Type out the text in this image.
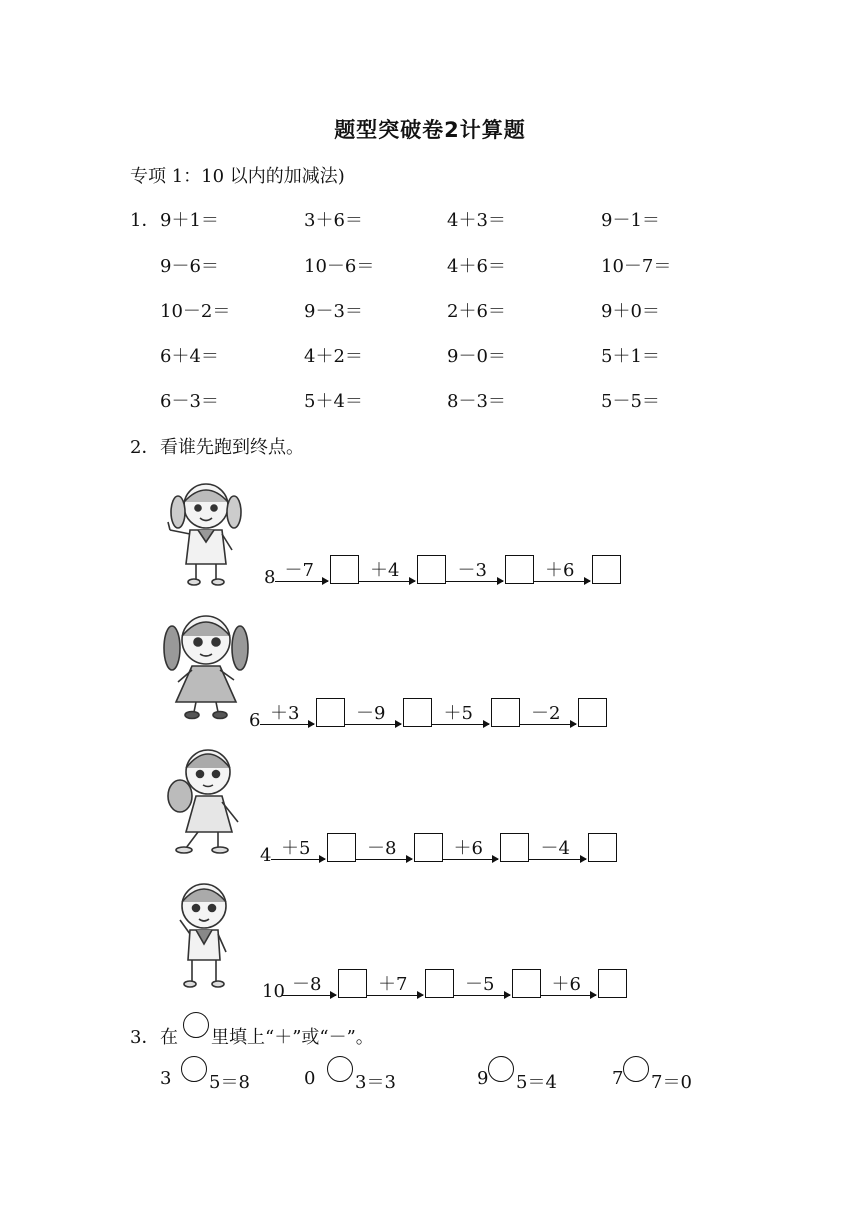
题型突破卷2计算题
专项 1：10 以内的加减法)
1． 9＋1＝	3＋6＝	4＋3＝	9－1＝
9－6＝	10－6＝	4＋6＝	10－7＝
10－2＝	9－3＝	2＋6＝	9＋0＝
6＋4＝	4＋2＝	9－0＝	5＋1＝
6－3＝	5＋4＝	8－3＝	5－5＝
2． 看谁先跑到终点。
8 －7	＋4	－3	＋6
6 ＋3	－9	＋5	－2
4 ＋5	－8	＋6	－4
10 －8	＋7	－5	＋6
3． 在 里填上“＋”或“－”。
3 5＝8	0 3＝3	9 5＝4	7 7＝0
